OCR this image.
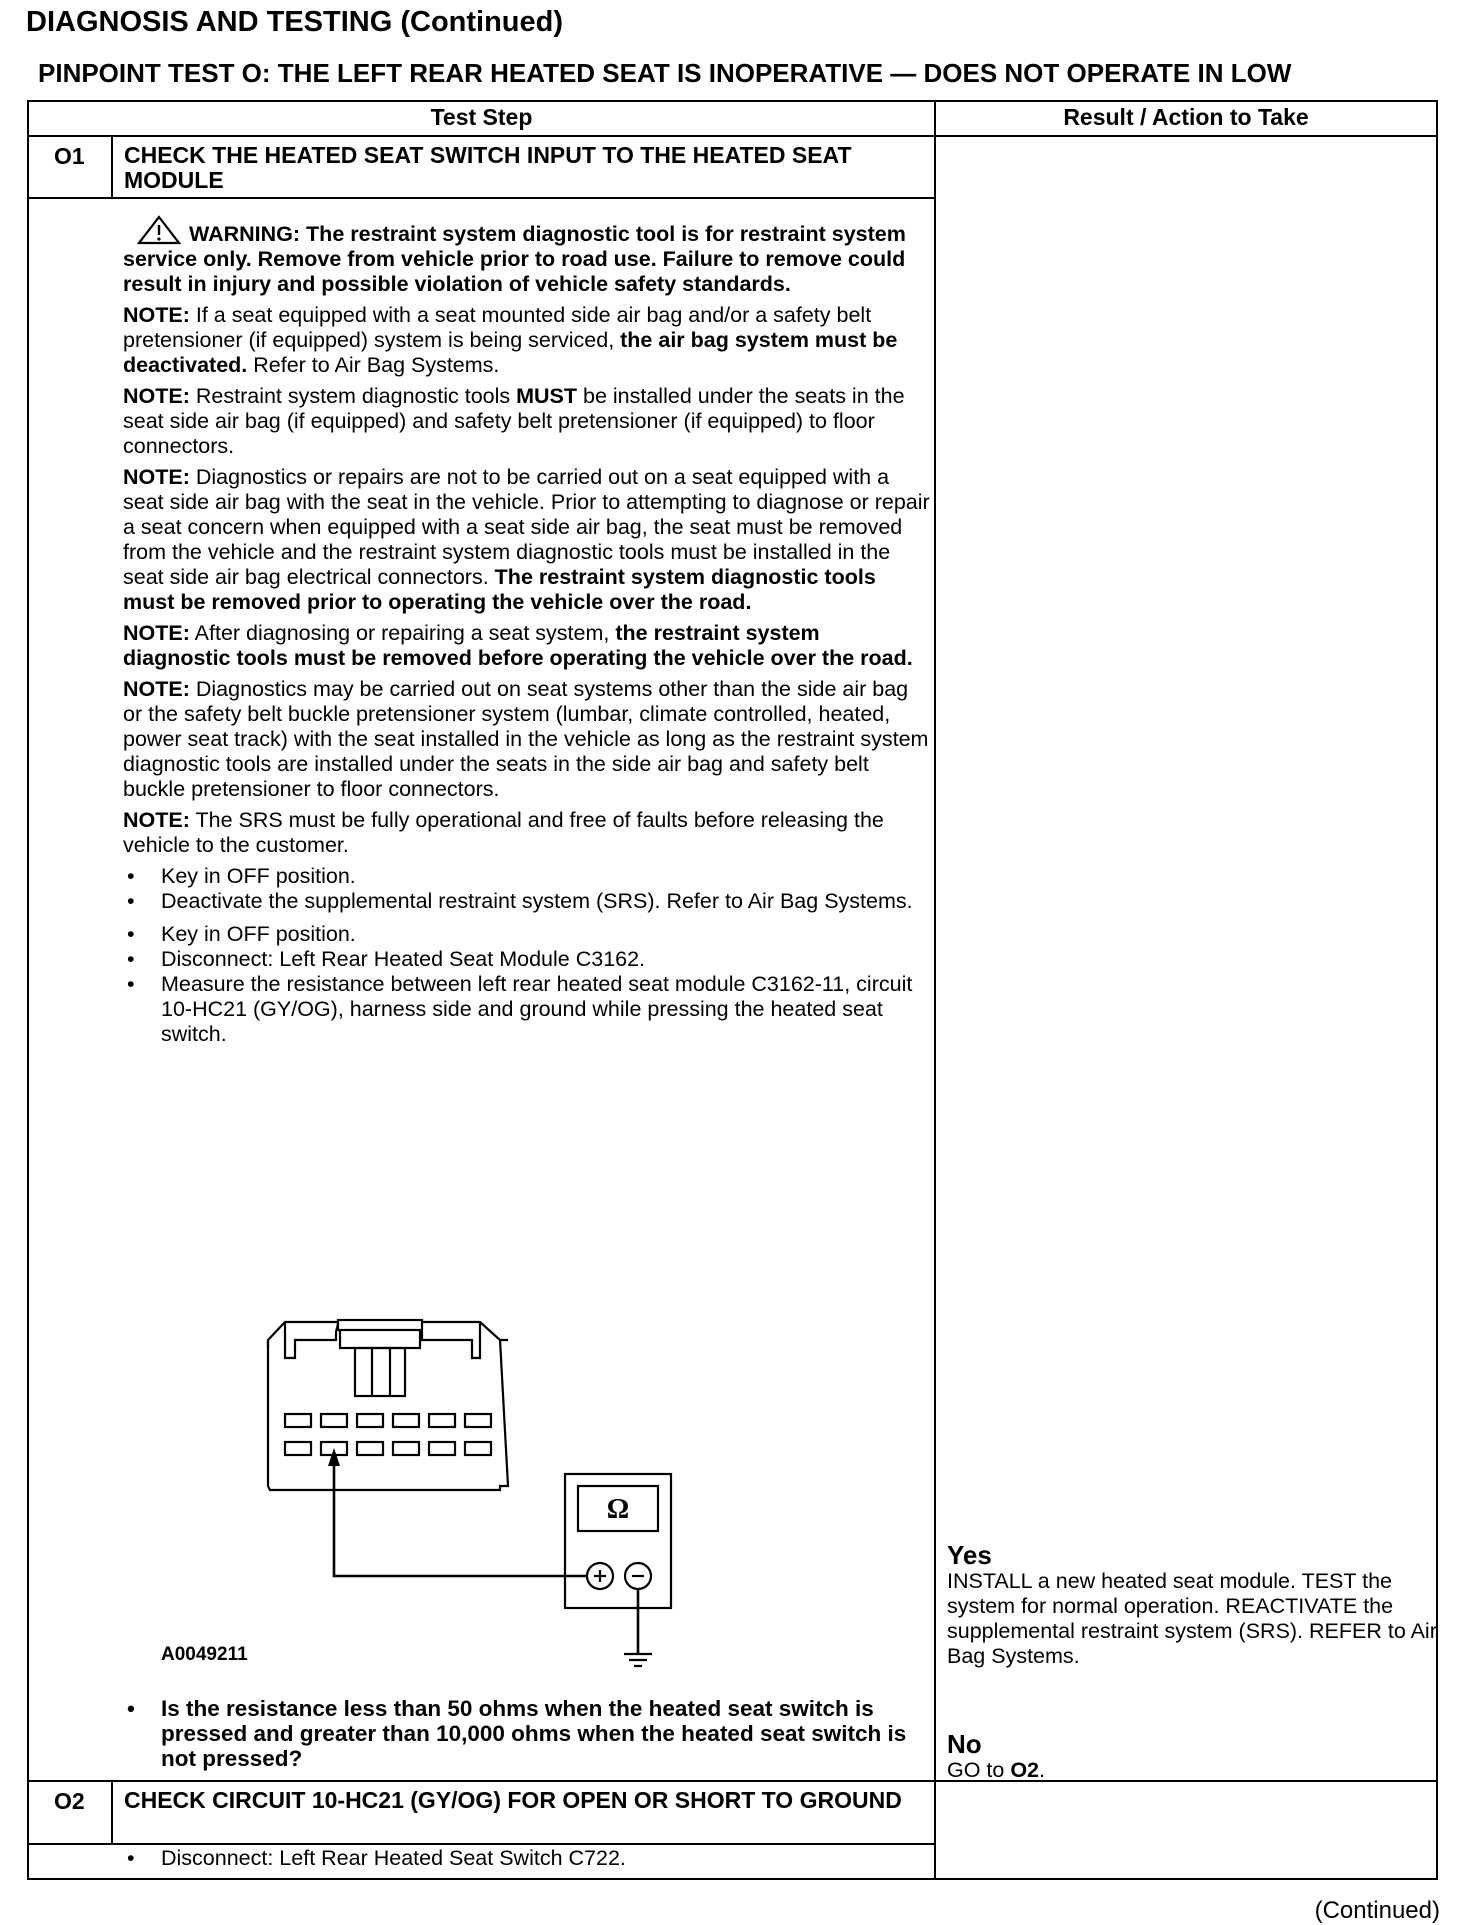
DIAGNOSIS AND TESTING (Continued)
PINPOINT TEST O: THE LEFT REAR HEATED SEAT IS INOPERATIVE — DOES NOT OPERATE IN LOW
Test Step	Result / Action to Take
O1 CHECK THE HEATED SEAT SWITCH INPUT TO THE HEATED SEAT MODULE

WARNING: The restraint system diagnostic tool is for restraint system service only. Remove from vehicle prior to road use. Failure to remove could result in injury and possible violation of vehicle safety standards.

NOTE: If a seat equipped with a seat mounted side air bag and/or a safety belt pretensioner (if equipped) system is being serviced, the air bag system must be deactivated. Refer to Air Bag Systems.

NOTE: Restraint system diagnostic tools MUST be installed under the seats in the seat side air bag (if equipped) and safety belt pretensioner (if equipped) to floor connectors.

NOTE: Diagnostics or repairs are not to be carried out on a seat equipped with a seat side air bag with the seat in the vehicle. Prior to attempting to diagnose or repair a seat concern when equipped with a seat side air bag, the seat must be removed from the vehicle and the restraint system diagnostic tools must be installed in the seat side air bag electrical connectors. The restraint system diagnostic tools must be removed prior to operating the vehicle over the road.

NOTE: After diagnosing or repairing a seat system, the restraint system diagnostic tools must be removed before operating the vehicle over the road.

NOTE: Diagnostics may be carried out on seat systems other than the side air bag or the safety belt buckle pretensioner system (lumbar, climate controlled, heated, power seat track) with the seat installed in the vehicle as long as the restraint system diagnostic tools are installed under the seats in the side air bag and safety belt buckle pretensioner to floor connectors.

NOTE: The SRS must be fully operational and free of faults before releasing the vehicle to the customer.

• Key in OFF position.
• Deactivate the supplemental restraint system (SRS). Refer to Air Bag Systems.
• Key in OFF position.
• Disconnect: Left Rear Heated Seat Module C3162.
• Measure the resistance between left rear heated seat module C3162-11, circuit 10-HC21 (GY/OG), harness side and ground while pressing the heated seat switch.
Ω
A0049211
• Is the resistance less than 50 ohms when the heated seat switch is pressed and greater than 10,000 ohms when the heated seat switch is not pressed?
Yes
INSTALL a new heated seat module. TEST the system for normal operation. REACTIVATE the supplemental restraint system (SRS). REFER to Air Bag Systems.
No
GO to O2.
O2 CHECK CIRCUIT 10-HC21 (GY/OG) FOR OPEN OR SHORT TO GROUND
• Disconnect: Left Rear Heated Seat Switch C722.
(Continued)
